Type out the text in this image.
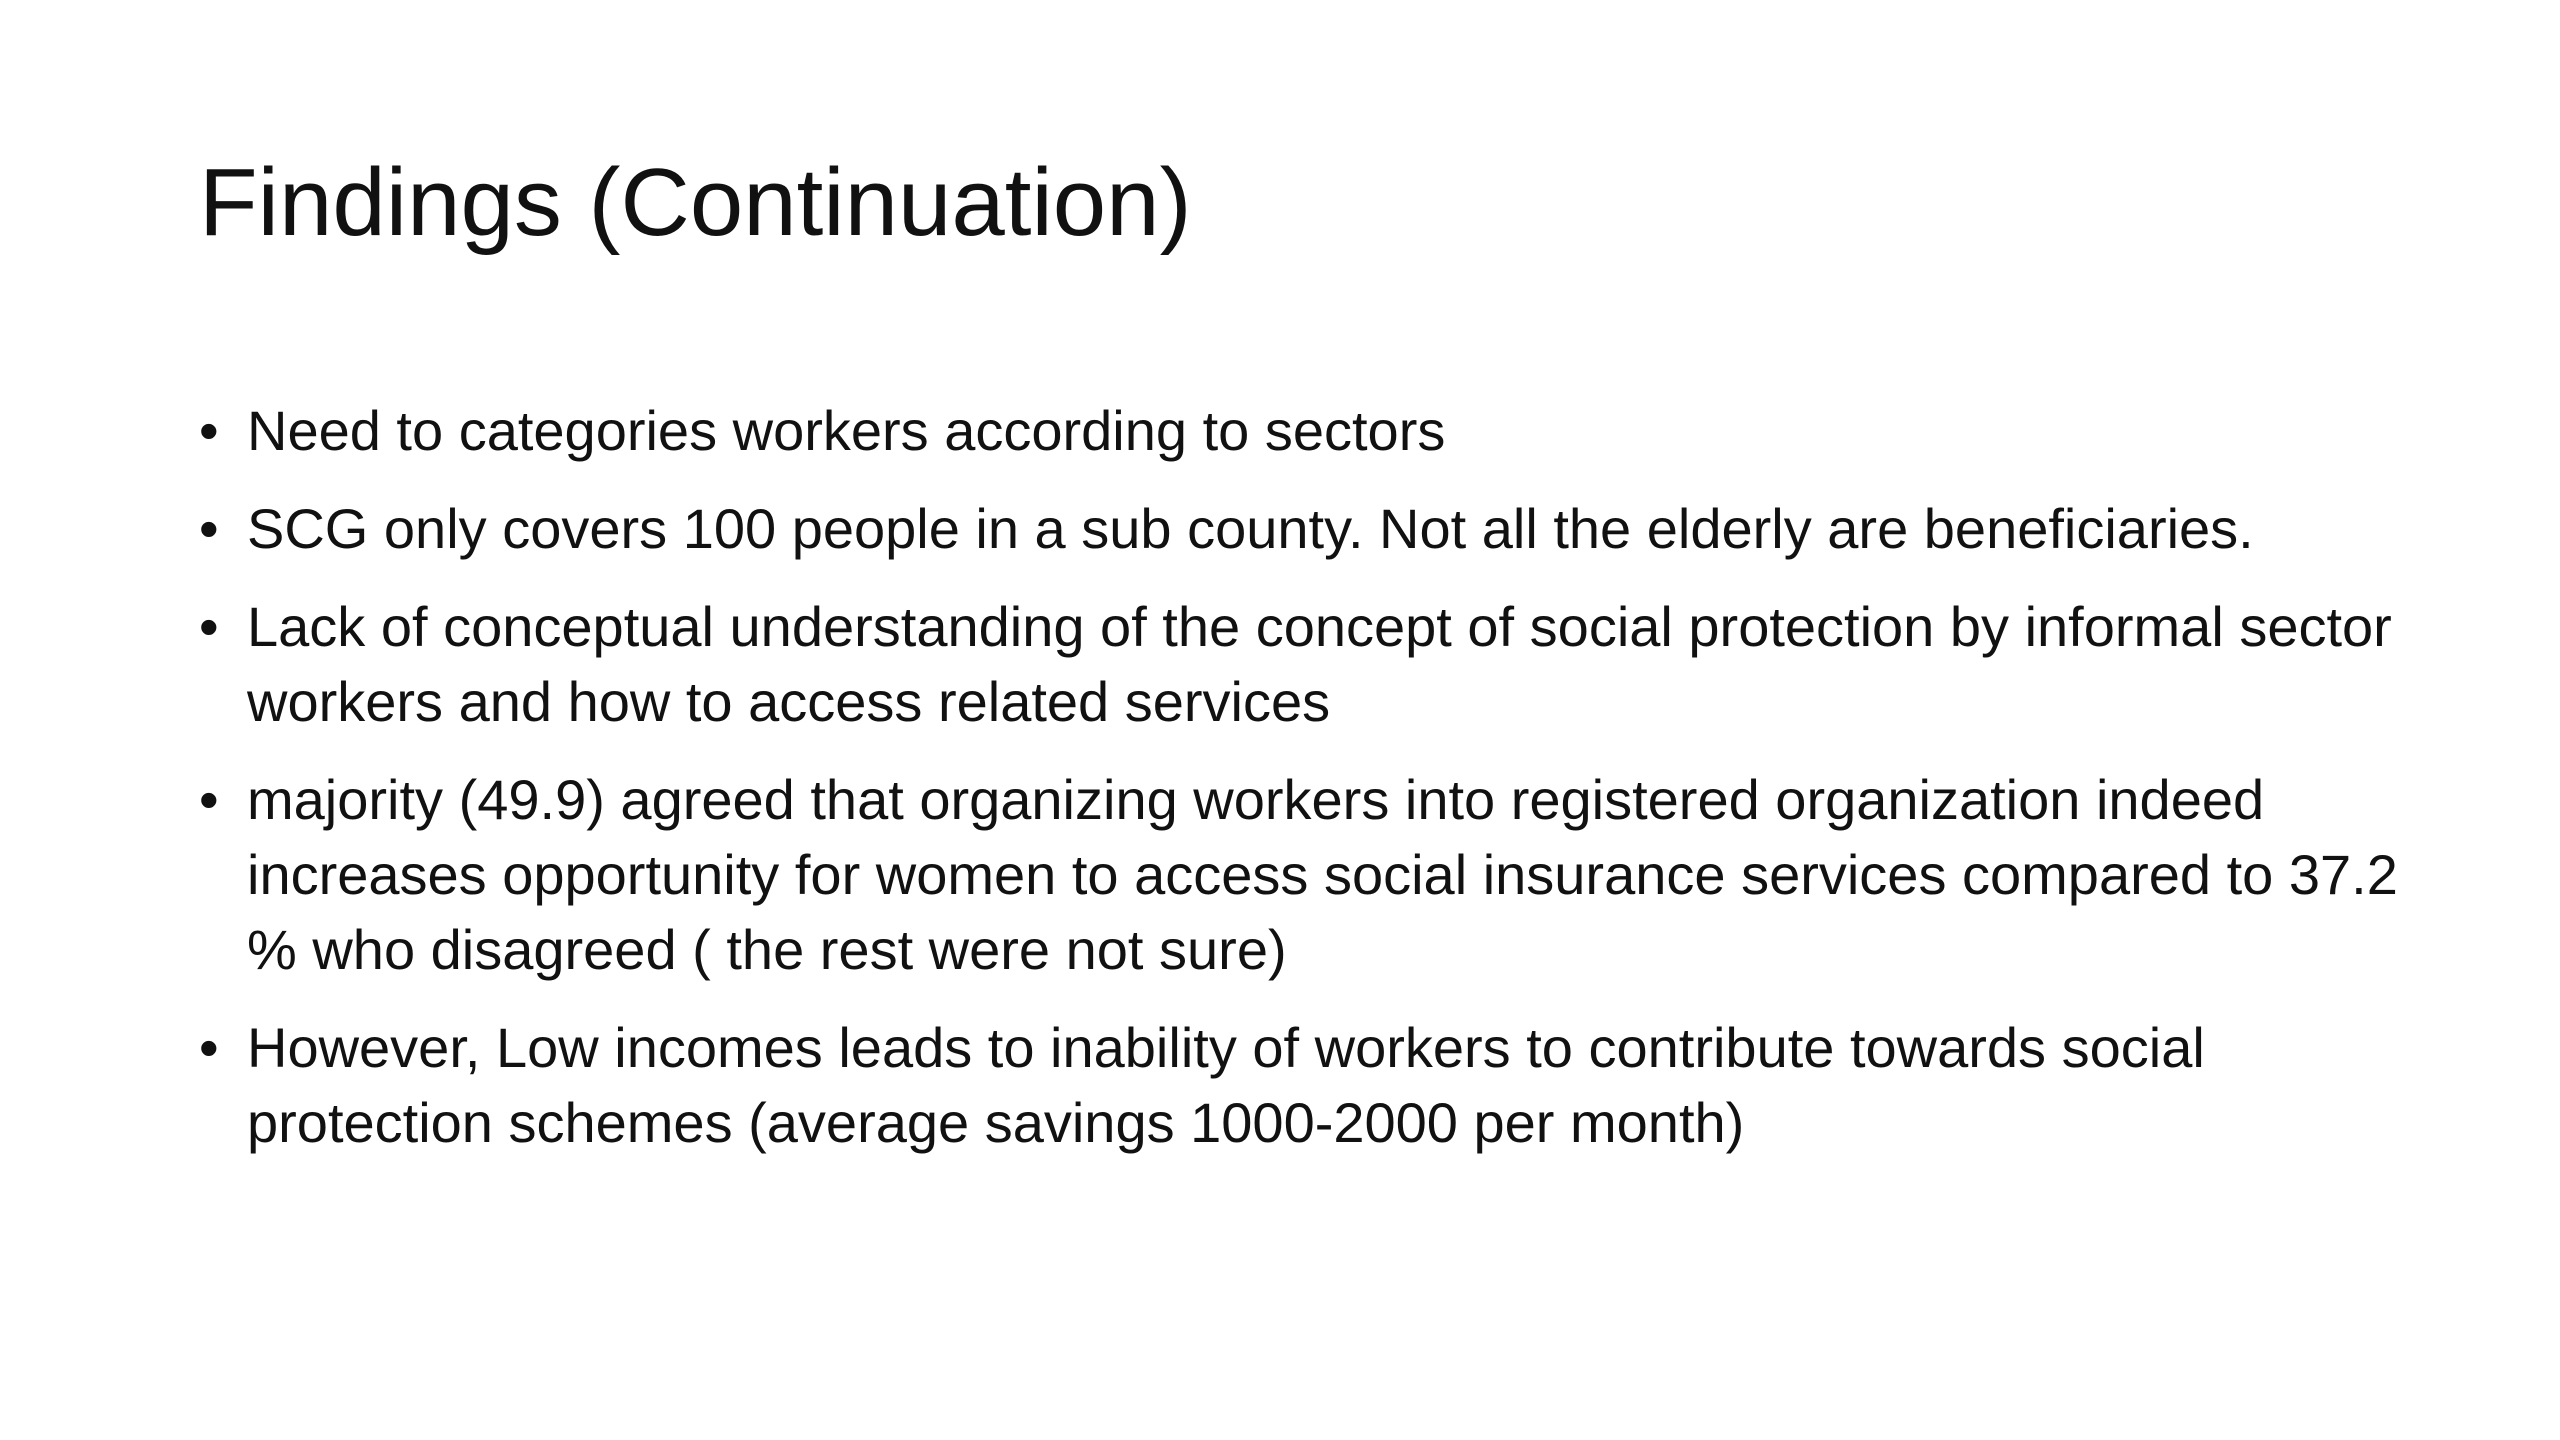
Findings (Continuation)
• Need to categories workers according to sectors
• SCG only covers 100 people in a sub county. Not all the elderly are beneficiaries.
• Lack of conceptual understanding of the concept of social protection by informal sector workers and how to access related services
• majority (49.9) agreed that organizing workers into registered organization indeed increases opportunity for women to access social insurance services compared to 37.2 % who disagreed ( the rest were not sure)
• However, Low incomes leads to inability of workers to contribute towards social protection schemes (average savings 1000-2000 per month)
